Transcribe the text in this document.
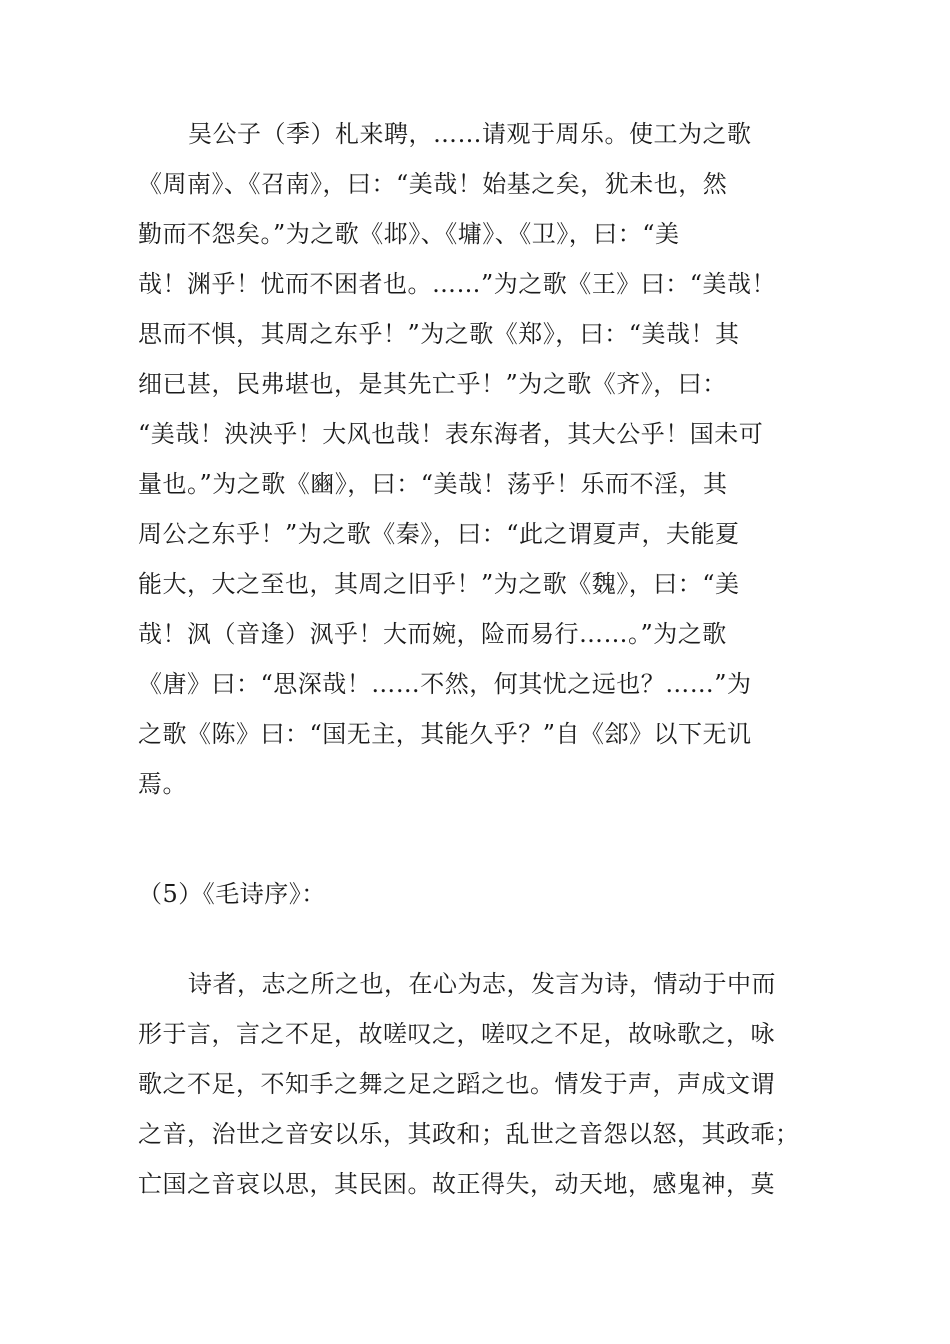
吴公子（季）札来聘，……请观于周乐。使工为之歌
《周南》、《召南》，曰：“美哉！始基之矣，犹未也，然
勤而不怨矣。”为之歌《邶》、《墉》、《卫》，曰：“美
哉！渊乎！忧而不困者也。……”为之歌《王》曰：“美哉！
思而不惧，其周之东乎！”为之歌《郑》，曰：“美哉！其
细已甚，民弗堪也，是其先亡乎！”为之歌《齐》，曰：
“美哉！泱泱乎！大风也哉！表东海者，其大公乎！国未可
量也。”为之歌《豳》，曰：“美哉！荡乎！乐而不淫，其
周公之东乎！”为之歌《秦》，曰：“此之谓夏声，夫能夏
能大，大之至也，其周之旧乎！”为之歌《魏》，曰：“美
哉！沨（音逢）沨乎！大而婉，险而易行……。”为之歌
《唐》曰：“思深哉！……不然，何其忧之远也？……”为
之歌《陈》曰：“国无主，其能久乎？”自《郐》以下无讥
焉。
（5）《毛诗序》：
诗者，志之所之也，在心为志，发言为诗，情动于中而
形于言，言之不足，故嗟叹之，嗟叹之不足，故咏歌之，咏
歌之不足，不知手之舞之足之蹈之也。情发于声，声成文谓
之音，治世之音安以乐，其政和；乱世之音怨以怒，其政乖；
亡国之音哀以思，其民困。故正得失，动天地，感鬼神，莫
